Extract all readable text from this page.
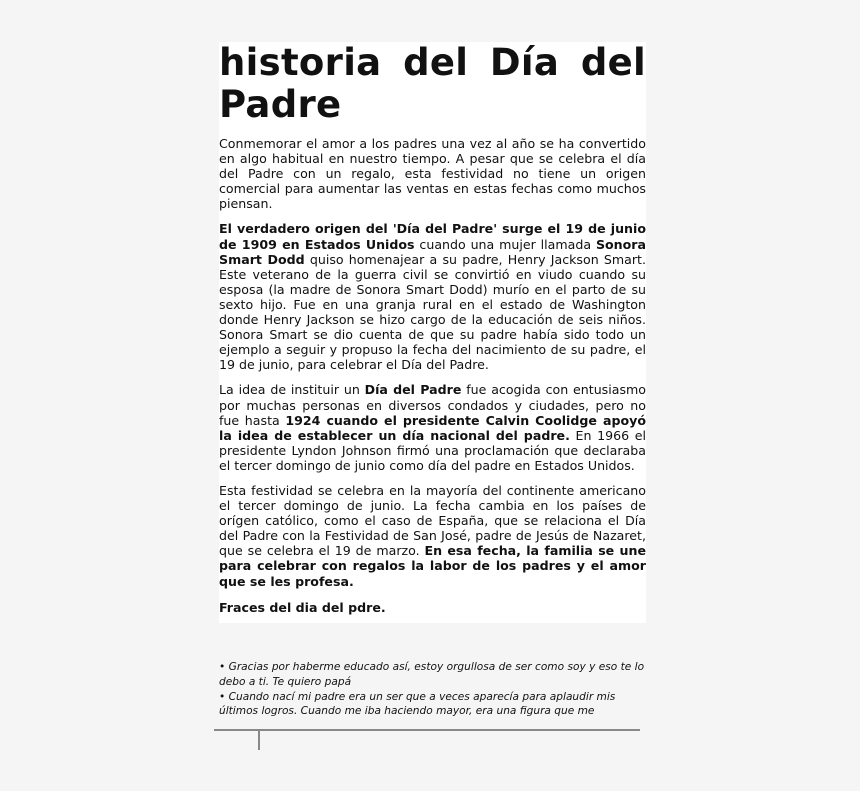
historia del Día del Padre

Conmemorar el amor a los padres una vez al año se ha convertido en algo habitual en nuestro tiempo. A pesar que se celebra el día del Padre con un regalo, esta festividad no tiene un origen comercial para aumentar las ventas en estas fechas como muchos piensan.

El verdadero origen del 'Día del Padre' surge el 19 de junio de 1909 en Estados Unidos cuando una mujer llamada Sonora Smart Dodd quiso homenajear a su padre, Henry Jackson Smart. Este veterano de la guerra civil se convirtió en viudo cuando su esposa (la madre de Sonora Smart Dodd) murío en el parto de su sexto hijo. Fue en una granja rural en el estado de Washington donde Henry Jackson se hizo cargo de la educación de seis niños. Sonora Smart se dio cuenta de que su padre había sido todo un ejemplo a seguir y propuso la fecha del nacimiento de su padre, el 19 de junio, para celebrar el Día del Padre.

La idea de instituir un Día del Padre fue acogida con entusiasmo por muchas personas en diversos condados y ciudades, pero no fue hasta 1924 cuando el presidente Calvin Coolidge apoyó la idea de establecer un día nacional del padre. En 1966 el presidente Lyndon Johnson firmó una proclamación que declaraba el tercer domingo de junio como día del padre en Estados Unidos.

Esta festividad se celebra en la mayoría del continente americano el tercer domingo de junio. La fecha cambia en los países de orígen católico, como el caso de España, que se relaciona el Día del Padre con la Festividad de San José, padre de Jesús de Nazaret, que se celebra el 19 de marzo. En esa fecha, la familia se une para celebrar con regalos la labor de los padres y el amor que se les profesa.

Fraces del dia del pdre.

• Gracias por haberme educado así, estoy orgullosa de ser como soy y eso te lo debo a ti. Te quiero papá

• Cuando nací mi padre era un ser que a veces aparecía para aplaudir mis últimos logros. Cuando me iba haciendo mayor, era una figura que me
